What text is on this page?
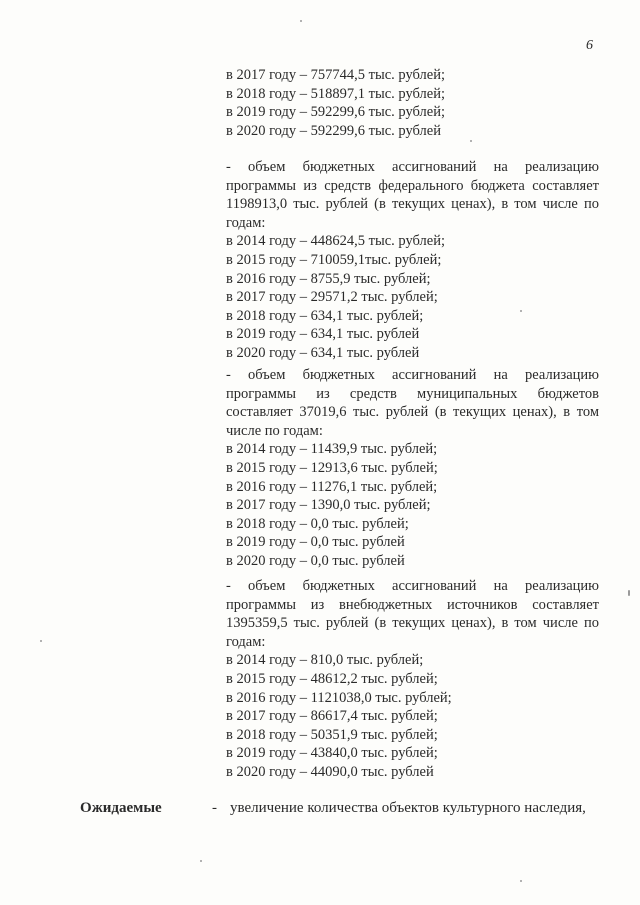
6
в 2017 году – 757744,5 тыс. рублей;
в 2018 году – 518897,1 тыс. рублей;
в 2019 году – 592299,6 тыс. рублей;
в 2020 году – 592299,6 тыс. рублей
- объем бюджетных ассигнований на реализацию программы из средств федерального бюджета составляет 1198913,0 тыс. рублей (в текущих ценах), в том числе по годам:
в 2014 году – 448624,5 тыс. рублей;
в 2015 году – 710059,1тыс. рублей;
в 2016 году – 8755,9 тыс. рублей;
в 2017 году – 29571,2 тыс. рублей;
в 2018 году – 634,1 тыс. рублей;
в 2019 году – 634,1 тыс. рублей
в 2020 году – 634,1 тыс. рублей
- объем бюджетных ассигнований на реализацию программы из средств муниципальных бюджетов составляет 37019,6 тыс. рублей (в текущих ценах), в том числе по годам:
в 2014 году – 11439,9 тыс. рублей;
в 2015 году – 12913,6 тыс. рублей;
в 2016 году – 11276,1 тыс. рублей;
в 2017 году – 1390,0 тыс. рублей;
в 2018 году – 0,0 тыс. рублей;
в 2019 году – 0,0 тыс. рублей
в 2020 году – 0,0 тыс. рублей
- объем бюджетных ассигнований на реализацию программы из внебюджетных источников составляет 1395359,5 тыс. рублей (в текущих ценах), в том числе по годам:
в 2014 году – 810,0 тыс. рублей;
в 2015 году – 48612,2 тыс. рублей;
в 2016 году – 1121038,0 тыс. рублей;
в 2017 году – 86617,4 тыс. рублей;
в 2018 году – 50351,9 тыс. рублей;
в 2019 году – 43840,0 тыс. рублей;
в 2020 году – 44090,0 тыс. рублей
Ожидаемые	- увеличение количества объектов культурного наследия,
